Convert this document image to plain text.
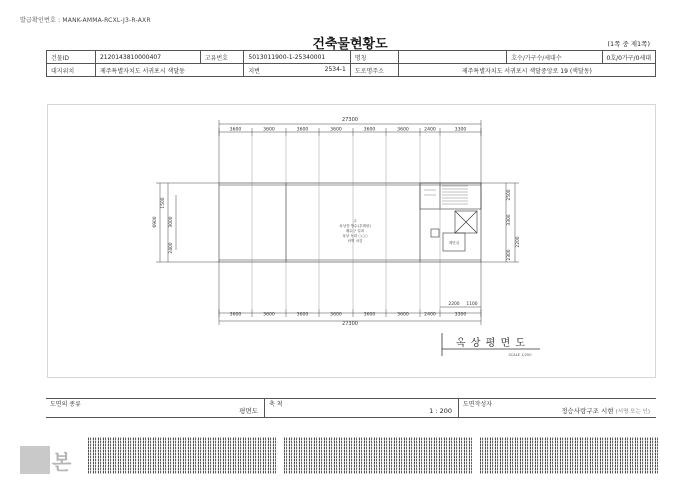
발급확인번호 : MANK-AMMA-RCXL-J3-R-AXR
건축물현황도	(1쪽 중 제1쪽)
건물ID	2120143810000407	고유번호	5013011900-1-25340001	명칭		호수/가구수/세대수	0호/0가구/0세대
대지위치	제주특별자치도 서귀포시 색달동		지번 2534-1	도로명주소	제주특별자치도 서귀포시 색달중앙로 19 (색달동)		
27300
27300
3600	3600	3600	3600	3600	3600	2400	3300
3600	3600	3600	3600	3600	3600	2400	3300
1500
3000
6900
2400
2500
3300
2200
2300
2200 1100
주
옥상층 방수(우레탄)
배수구 설치
옥상 녹화 ○○○
외벽 마감	계단실
옥 상 평 면 도
SCALE 1/200
도면의 종류
평면도
	축 척
1 : 200
	도면작성자
정승사랑구조 시현 (서명 또는 인)
본
